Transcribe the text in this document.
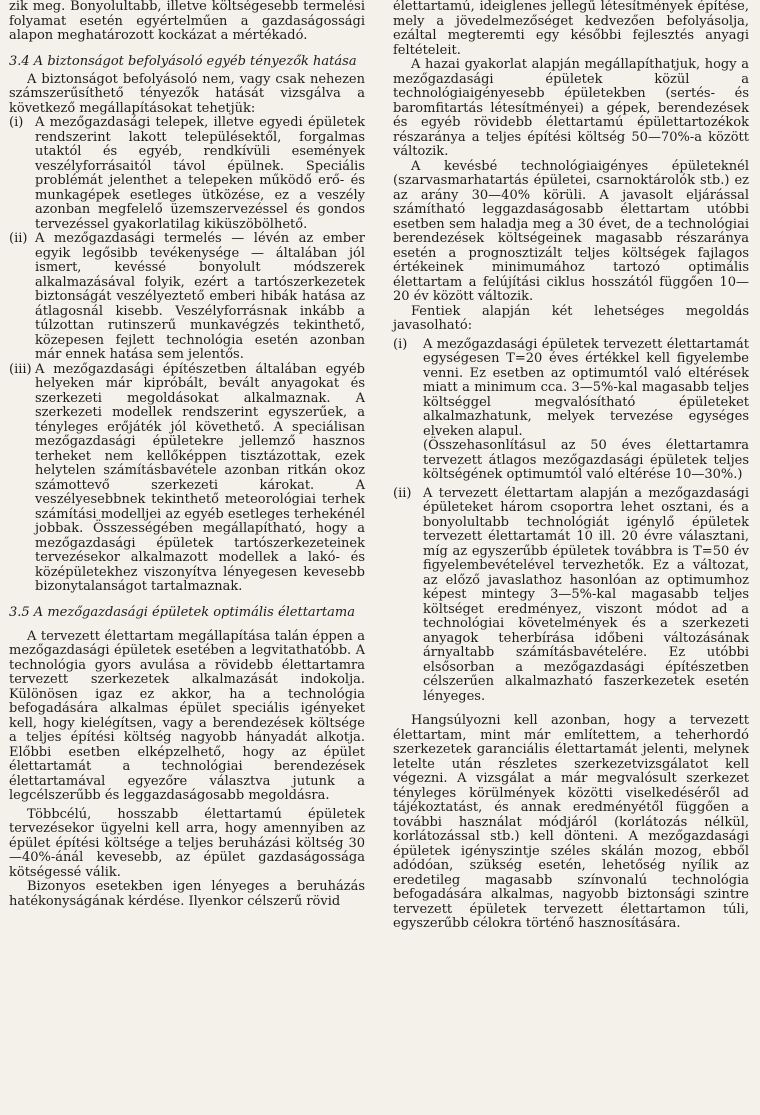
zik meg. Bonyolultabb, illetve költségesebb termelési folyamat esetén egyértelműen a gazdaságossági alapon meghatározott kockázat a mértékadó.

3.4 A biztonságot befolyásoló egyéb tényezők hatása

A biztonságot befolyásoló nem, vagy csak nehezen számszerűsíthető tényezők hatását vizsgálva a következő megállapításokat tehetjük:

(i) A mezőgazdasági telepek, illetve egyedi épületek rendszerint lakott településektől, forgalmas utaktól és egyéb, rendkívüli események veszélyforrásaitól távol épülnek. Speciális problémát jelenthet a telepeken működő erő- és munkagépek esetleges ütközése, ez a veszély azonban megfelelő üzemszervezéssel és gondos tervezéssel gyakorlatilag kiküszöbölhető.
(ii) A mezőgazdasági termelés — lévén az ember egyik legősibb tevékenysége — általában jól ismert, kevéssé bonyolult módszerek alkalmazásával folyik, ezért a tartószerkezetek biztonságát veszélyeztető emberi hibák hatása az átlagosnál kisebb. Veszélyforrásnak inkább a túlzottan rutinszerű munkavégzés tekinthető, közepesen fejlett technológia esetén azonban már ennek hatása sem jelentős.
(iii) A mezőgazdasági építészetben általában egyéb helyeken már kipróbált, bevált anyagokat és szerkezeti megoldásokat alkalmaznak. A szerkezeti modellek rendszerint egyszerűek, a tényleges erőjáték jól követhető. A speciálisan mezőgazdasági épületekre jellemző hasznos terheket nem kellőképpen tisztázottak, ezek helytelen számításbavétele azonban ritkán okoz számottevő szerkezeti károkat. A veszélyesebbnek tekinthető meteorológiai terhek számítási modelljei az egyéb esetleges terhekénél jobbak. Összességében megállapítható, hogy a mezőgazdasági épületek tartószerkezeteinek tervezésekor alkalmazott modellek a lakó- és középületekhez viszonyítva lényegesen kevesebb bizonytalanságot tartalmaznak.
3.5 A mezőgazdasági épületek optimális élettartama

A tervezett élettartam megállapítása talán éppen a mezőgazdasági épületek esetében a legvitathatóbb. A technológia gyors avulása a rövidebb élettartamra tervezett szerkezetek alkalmazását indokolja. Különösen igaz ez akkor, ha a technológia befogadására alkalmas épület speciális igényeket kell, hogy kielégítsen, vagy a berendezések költsége a teljes építési költség nagyobb hányadát alkotja. Előbbi esetben elképzelhető, hogy az épület élettartamát a technológiai berendezések élettartamával egyezőre választva jutunk a legcélszerűbb és leggazdaságosabb megoldásra.

Többcélú, hosszabb élettartamú épületek tervezésekor ügyelni kell arra, hogy amennyiben az épület építési költsége a teljes beruházási költség 30—40%-ánál kevesebb, az épület gazdaságossága kötségessé válik.

Bizonyos esetekben igen lényeges a beruházás hatékonyságának kérdése. Ilyenkor célszerű rövid

élettartamú, ideiglenes jellegű létesítmények építése, mely a jövedelmezőséget kedvezően befolyásolja, ezáltal megteremti egy későbbi fejlesztés anyagi feltételeit.

A hazai gyakorlat alapján megállapíthatjuk, hogy a mezőgazdasági épületek közül a technológiaigényesebb épületekben (sertés- és baromfitartás létesítményei) a gépek, berendezések és egyéb rövidebb élettartamú épülettartozékok részaránya a teljes építési költség 50—70%-a között változik.

A kevésbé technológiaigényes épületeknél (szarvasmarhatartás épületei, csarnoktárolók stb.) ez az arány 30—40% körüli. A javasolt eljárással számítható leggazdaságosabb élettartam utóbbi esetben sem haladja meg a 30 évet, de a technológiai berendezések költségeinek magasabb részaránya esetén a prognosztizált teljes költségek fajlagos értékeinek minimumához tartozó optimális élettartam a felújítási ciklus hosszától függően 10—20 év között változik.

Fentiek alapján két lehetséges megoldás javasolható:

(i)	A mezőgazdasági épületek tervezett élettartamát egységesen T=20 éves értékkel kell figyelembe venni. Ez esetben az optimumtól való eltérések miatt a minimum cca. 3—5%-kal magasabb teljes költséggel megvalósítható épületeket alkalmazhatunk, melyek tervezése egységes elveken alapul.
(Összehasonlításul az 50 éves élettartamra tervezett átlagos mezőgazdasági épületek teljes költségének optimumtól való eltérése 10—30%.)
(ii) A tervezett élettartam alapján a mezőgazdasági épületeket három csoportra lehet osztani, és a bonyolultabb technológiát igénylő épületek tervezett élettartamát 10 ill. 20 évre választani, míg az egyszerűbb épületek továbbra is T=50 év figyelembevételével tervezhetők. Ez a változat, az előző javaslathoz hasonlóan az optimumhoz képest mintegy 3—5%-kal magasabb teljes költséget eredményez, viszont módot ad a technológiai követelmények és a szerkezeti anyagok teherbírása időbeni változásának árnyaltabb számításbavételére. Ez utóbbi elsősorban a mezőgazdasági építészetben célszerűen alkalmazható faszerkezetek esetén lényeges.

Hangsúlyozni kell azonban, hogy a tervezett élettartam, mint már említettem, a teherhordó szerkezetek garanciális élettartamát jelenti, melynek letelte után részletes szerkezetvizsgálatot kell végezni. A vizsgálat a már megvalósult szerkezet tényleges körülmények közötti viselkedéséről ad tájékoztatást, és annak eredményétől függően a további használat módjáról (korlátozás nélkül, korlátozással stb.) kell dönteni. A mezőgazdasági épületek igényszintje széles skálán mozog, ebből adódóan, szükség esetén, lehetőség nyílik az eredetileg magasabb színvonalú technológia befogadására alkalmas, nagyobb biztonsági szintre tervezett épületek tervezett élettartamon túli, egyszerűbb célokra történő hasznosítására.
